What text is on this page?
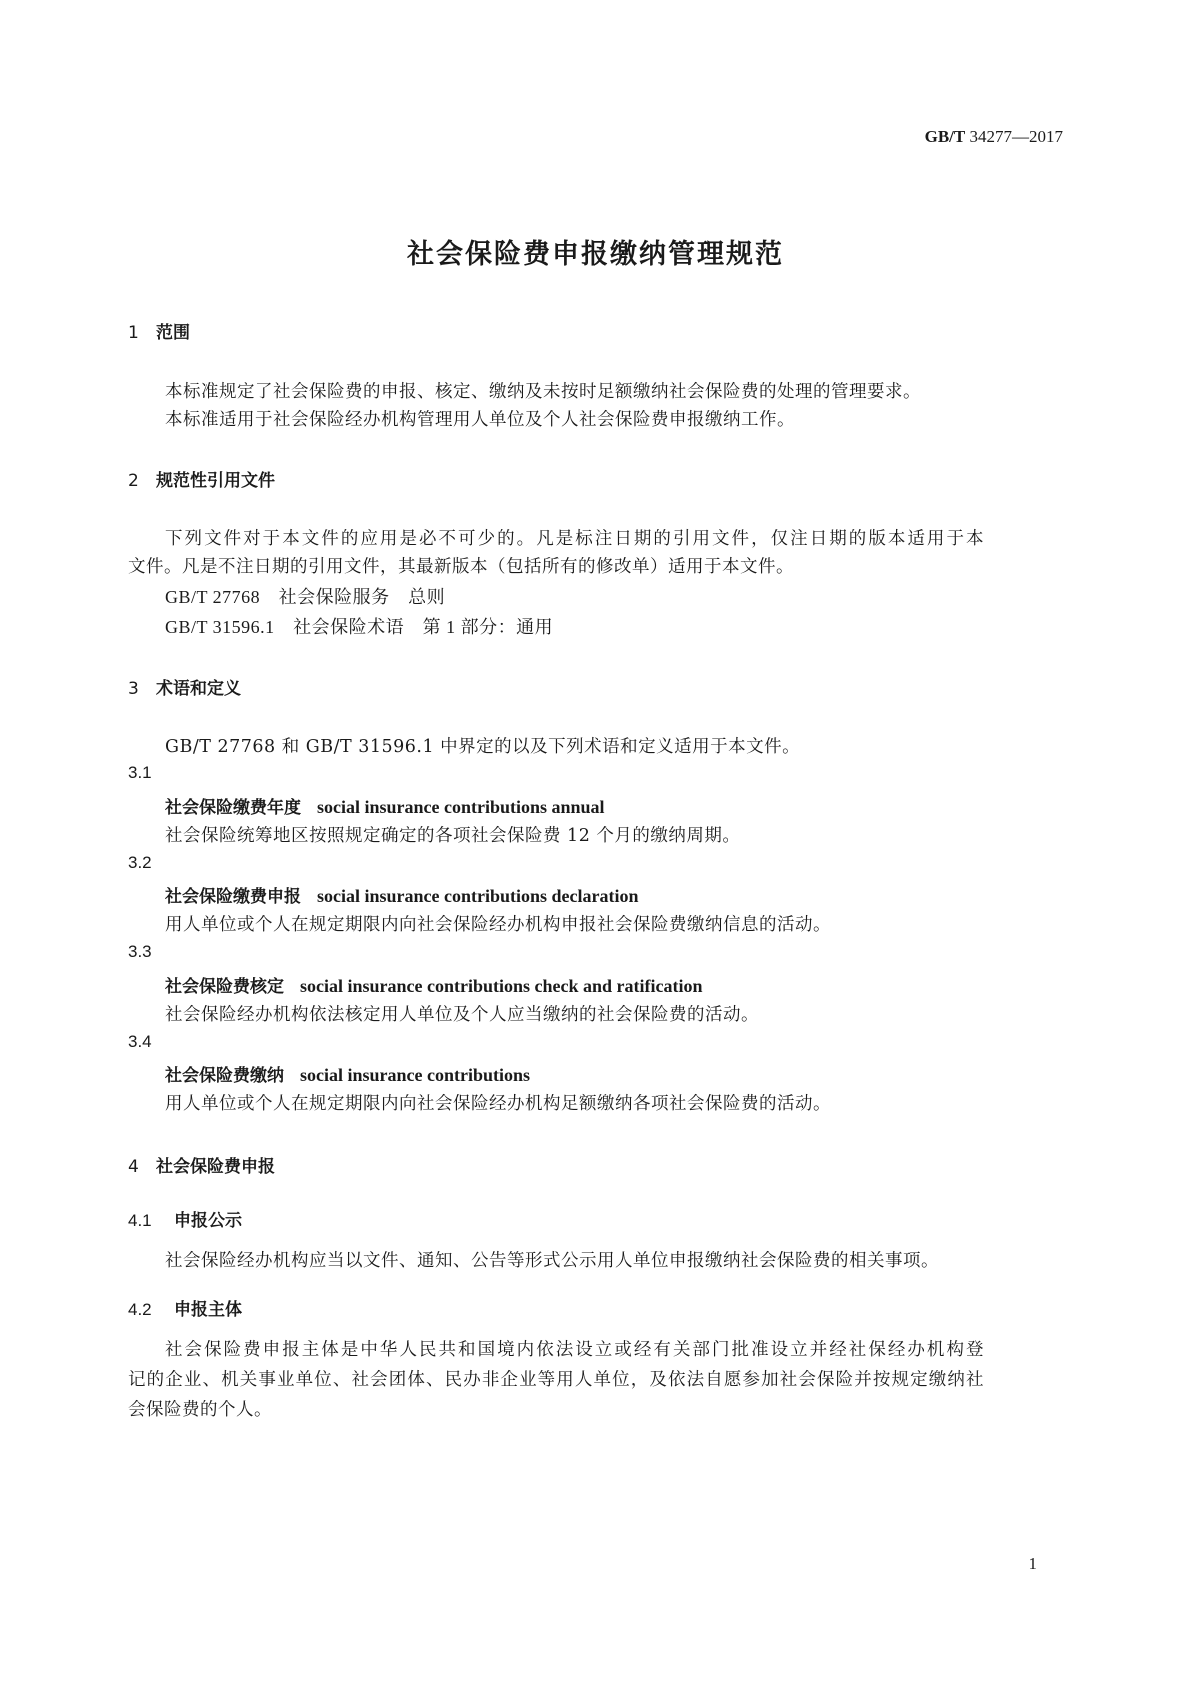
GB/T 34277—2017
社会保险费申报缴纳管理规范
1 范围
本标准规定了社会保险费的申报、核定、缴纳及未按时足额缴纳社会保险费的处理的管理要求。
本标准适用于社会保险经办机构管理用人单位及个人社会保险费申报缴纳工作。
2 规范性引用文件
下列文件对于本文件的应用是必不可少的。凡是标注日期的引用文件，仅注日期的版本适用于本
文件。凡是不注日期的引用文件，其最新版本（包括所有的修改单）适用于本文件。
GB/T 27768　社会保险服务　总则
GB/T 31596.1　社会保险术语　第 1 部分：通用
3 术语和定义
GB/T 27768 和 GB/T 31596.1 中界定的以及下列术语和定义适用于本文件。
3.1
社会保险缴费年度 social insurance contributions annual
社会保险统筹地区按照规定确定的各项社会保险费 12 个月的缴纳周期。
3.2
社会保险缴费申报 social insurance contributions declaration
用人单位或个人在规定期限内向社会保险经办机构申报社会保险费缴纳信息的活动。
3.3
社会保险费核定 social insurance contributions check and ratification
社会保险经办机构依法核定用人单位及个人应当缴纳的社会保险费的活动。
3.4
社会保险费缴纳 social insurance contributions
用人单位或个人在规定期限内向社会保险经办机构足额缴纳各项社会保险费的活动。
4 社会保险费申报
4.1 申报公示
社会保险经办机构应当以文件、通知、公告等形式公示用人单位申报缴纳社会保险费的相关事项。
4.2 申报主体
社会保险费申报主体是中华人民共和国境内依法设立或经有关部门批准设立并经社保经办机构登
记的企业、机关事业单位、社会团体、民办非企业等用人单位，及依法自愿参加社会保险并按规定缴纳社
会保险费的个人。
1
